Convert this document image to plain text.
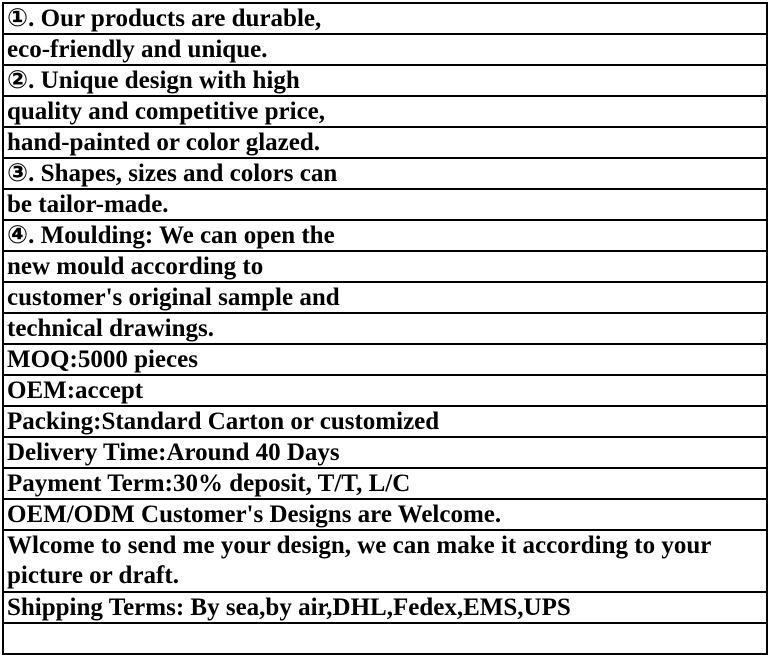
①. Our products are durable,
eco-friendly and unique.
②. Unique design with high
quality and competitive price,
hand-painted or color glazed.
③. Shapes, sizes and colors can
be tailor-made.
④. Moulding: We can open the
new mould according to
customer's original sample and
technical drawings.
MOQ:5000 pieces
OEM:accept
Packing:Standard Carton or customized
Delivery Time:Around 40 Days
Payment Term:30% deposit, T/T, L/C
OEM/ODM Customer's Designs are Welcome.

Wlcome to send me your design, we can make it according to your
picture or draft.

Shipping Terms: By sea,by air,DHL,Fedex,EMS,UPS
